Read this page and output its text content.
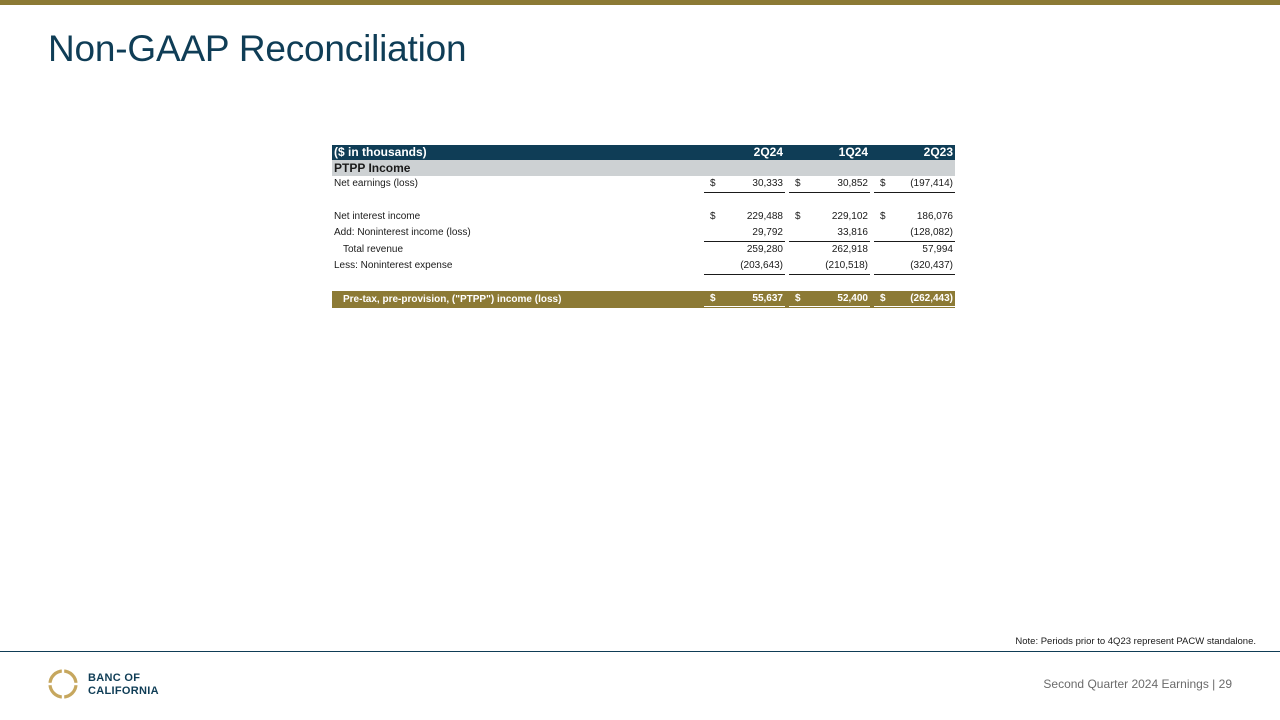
Non-GAAP Reconciliation
($ in thousands)	2Q24			1Q24			2Q23		
PTPP Income									
Net earnings (loss)		$	30,333		$	30,852		$	(197,414)

Net interest income		$	229,488		$	229,102		$	186,076
Add: Noninterest income (loss)			29,792			33,816			(128,082)
Total revenue			259,280			262,918			57,994
Less: Noninterest expense			(203,643)			(210,518)			(320,437)

Pre-tax, pre-provision, ("PTPP") income (loss)		$	55,637		$	52,400		$	(262,443)

Note: Periods prior to 4Q23 represent PACW standalone.
BANC OF
CALIFORNIA	Second Quarter 2024 Earnings | 29
